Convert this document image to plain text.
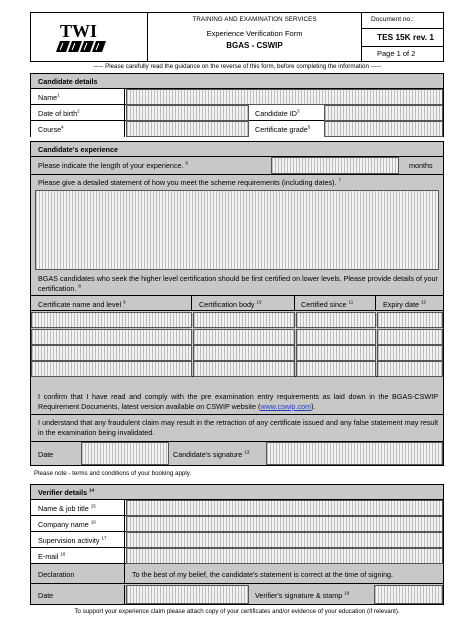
TWI
TRAINING AND EXAMINATION SERVICES
Experience Verification Form
BGAS - CSWIP
Document no.:
TES 15K rev. 1
Page 1 of 2
----- Please carefully read the guidance on the reverse of this form, before completing the information -----
Candidate details
Name$^1$
Date of birth$^2$	Candidate $ID^3$
Course$^4$	Certificate grade$^5$
Candidate's experience
Please indicate the length of your experience. $^6$	months
Please give a detailed statement of how you meet the scheme requirements (including dates). $^7$
BGAS candidates who seek the higher level certification should be first certified on lower levels. Please provide details of your certification. $^8$
Certificate name and level $^9$	Certification body $^{10}$	Certified since $^{11}$	Expiry date $^{12}$
I confirm that I have read and comply with the pre examination entry requirements as laid down in the BGAS-CSWIP Requirement Documents, latest version available on CSWIP website (www.cswip.com).
I understand that any fraudulent claim may result in the retraction of any certificate issued and any false statement may result in the examination being invalidated.
Date	Candidate's signature $^{13}$
Please note - terms and conditions of your booking apply.
Verifier details $^{14}$
Name & job title $^{15}$
Company name $^{16}$
Supervision activity $^{17}$
E-mail $^{18}$
Declaration	To the best of my belief, the candidate's statement is correct at the time of signing.
Date	Verifier's signature & stamp $^{19}$
To support your experience claim please attach copy of your certificates and/or evidence of your education (if relevant).
